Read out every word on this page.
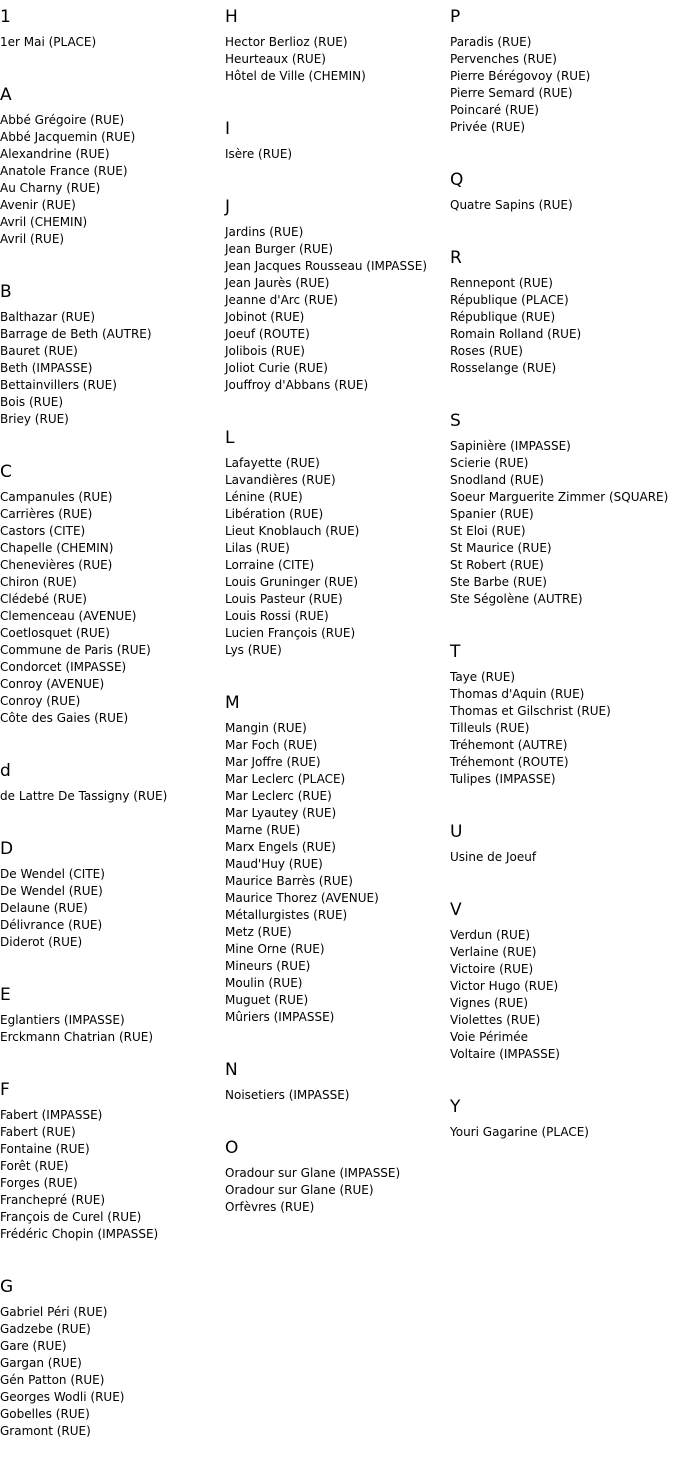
1
1er Mai (PLACE)
A
Abbé Grégoire (RUE)
Abbé Jacquemin (RUE)
Alexandrine (RUE)
Anatole France (RUE)
Au Charny (RUE)
Avenir (RUE)
Avril (CHEMIN)
Avril (RUE)
B
Balthazar (RUE)
Barrage de Beth (AUTRE)
Bauret (RUE)
Beth (IMPASSE)
Bettainvillers (RUE)
Bois (RUE)
Briey (RUE)
C
Campanules (RUE)
Carrières (RUE)
Castors (CITE)
Chapelle (CHEMIN)
Chenevières (RUE)
Chiron (RUE)
Clédebé (RUE)
Clemenceau (AVENUE)
Coetlosquet (RUE)
Commune de Paris (RUE)
Condorcet (IMPASSE)
Conroy (AVENUE)
Conroy (RUE)
Côte des Gaies (RUE)
d
de Lattre De Tassigny (RUE)
D
De Wendel (CITE)
De Wendel (RUE)
Delaune (RUE)
Délivrance (RUE)
Diderot (RUE)
E
Eglantiers (IMPASSE)
Erckmann Chatrian (RUE)
F
Fabert (IMPASSE)
Fabert (RUE)
Fontaine (RUE)
Forêt (RUE)
Forges (RUE)
Franchepré (RUE)
François de Curel (RUE)
Frédéric Chopin (IMPASSE)
G
Gabriel Péri (RUE)
Gadzebe (RUE)
Gare (RUE)
Gargan (RUE)
Gén Patton (RUE)
Georges Wodli (RUE)
Gobelles (RUE)
Gramont (RUE)
H
Hector Berlioz (RUE)
Heurteaux (RUE)
Hôtel de Ville (CHEMIN)
I
Isère (RUE)
J
Jardins (RUE)
Jean Burger (RUE)
Jean Jacques Rousseau (IMPASSE)
Jean Jaurès (RUE)
Jeanne d'Arc (RUE)
Jobinot (RUE)
Joeuf (ROUTE)
Jolibois (RUE)
Joliot Curie (RUE)
Jouffroy d'Abbans (RUE)
L
Lafayette (RUE)
Lavandières (RUE)
Lénine (RUE)
Libération (RUE)
Lieut Knoblauch (RUE)
Lilas (RUE)
Lorraine (CITE)
Louis Gruninger (RUE)
Louis Pasteur (RUE)
Louis Rossi (RUE)
Lucien François (RUE)
Lys (RUE)
M
Mangin (RUE)
Mar Foch (RUE)
Mar Joffre (RUE)
Mar Leclerc (PLACE)
Mar Leclerc (RUE)
Mar Lyautey (RUE)
Marne (RUE)
Marx Engels (RUE)
Maud'Huy (RUE)
Maurice Barrès (RUE)
Maurice Thorez (AVENUE)
Métallurgistes (RUE)
Metz (RUE)
Mine Orne (RUE)
Mineurs (RUE)
Moulin (RUE)
Muguet (RUE)
Mûriers (IMPASSE)
N
Noisetiers (IMPASSE)
O
Oradour sur Glane (IMPASSE)
Oradour sur Glane (RUE)
Orfèvres (RUE)
P
Paradis (RUE)
Pervenches (RUE)
Pierre Bérégovoy (RUE)
Pierre Semard (RUE)
Poincaré (RUE)
Privée (RUE)
Q
Quatre Sapins (RUE)
R
Rennepont (RUE)
République (PLACE)
République (RUE)
Romain Rolland (RUE)
Roses (RUE)
Rosselange (RUE)
S
Sapinière (IMPASSE)
Scierie (RUE)
Snodland (RUE)
Soeur Marguerite Zimmer (SQUARE)
Spanier (RUE)
St Eloi (RUE)
St Maurice (RUE)
St Robert (RUE)
Ste Barbe (RUE)
Ste Ségolène (AUTRE)
T
Taye (RUE)
Thomas d'Aquin (RUE)
Thomas et Gilschrist (RUE)
Tilleuls (RUE)
Tréhemont (AUTRE)
Tréhemont (ROUTE)
Tulipes (IMPASSE)
U
Usine de Joeuf
V
Verdun (RUE)
Verlaine (RUE)
Victoire (RUE)
Victor Hugo (RUE)
Vignes (RUE)
Violettes (RUE)
Voie Périmée
Voltaire (IMPASSE)
Y
Youri Gagarine (PLACE)
